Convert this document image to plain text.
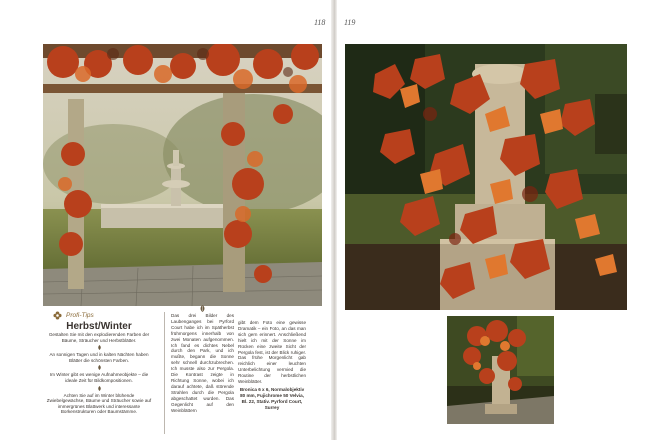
118 119
Profi-Tips
Herbst/Winter

Gestalten Sie mit den explodierenden Farben der Bäume, Sträucher und Herbstblätter.

An sonnigen Tagen und in kalten Nächten haben Blätter die schönsten Farben.

Im Winter gibt es wenige Aufnahmeobjekte – die ideale Zeit für Bildkompositionen.

Achten Sie auf im Winter blühende Zwiebelgewächse, Bäume und Sträucher sowie auf immergrünes Blattwerk und interessante Borkenstrukturen oder Baumstämme.

Das drei Bilder des Laubenganges bei Pyrford Court habe ich im Spätherbst frühmorgens innerhalb von zwei Monaten aufgenommen. Ich fand es dichtes Nebel durch den Park, und ich mußte, begann die Sonne sehr schnell durchzubrechen. Ich musste also zur Pergola. Die Kontrast zeigte in Richtung Sonne, wobei ich darauf achtete, daß störende Strahlen durch die Pergola abgeschattet wurden. Das Gegenlicht auf den Weinblättern

gibt dem Foto eine gewisse Dramatik – ein Foto, an das man sich gern erinnert. Anschließend hielt ich mit der Sonne im Rücken eine zweite Sicht der Pergola fest, ist der Blick ruhiger. Das frühe Morgenlicht gab reichlich einer leuchten Unterbelichtung vermied die Routine der herbstlichen Weinblätter.

Bronica 6 x 6, Normalobjektiv 80 mm, Fujichrome 50 Velvia, Bl. 22, Stativ. Pyrford Court, Surrey
